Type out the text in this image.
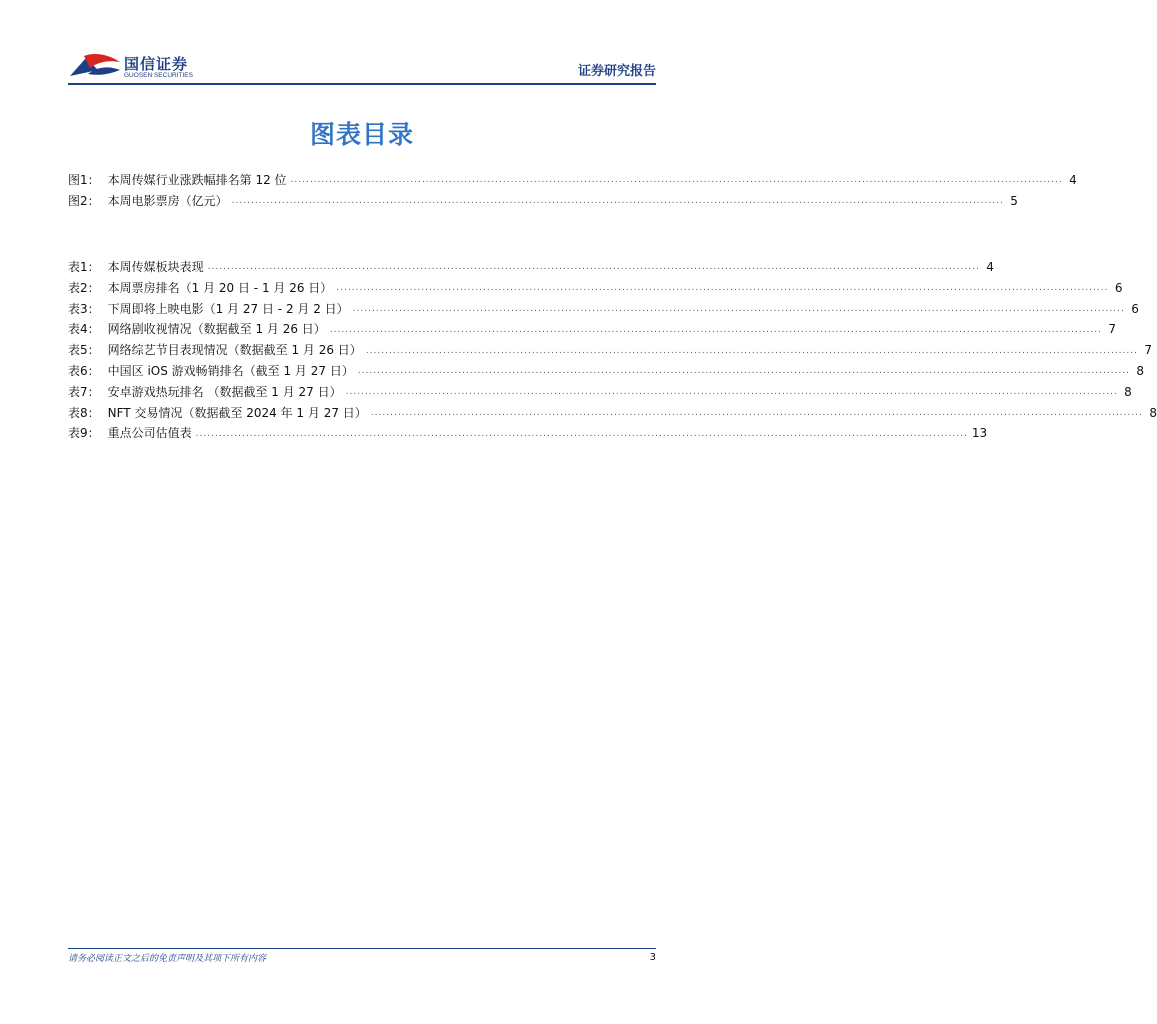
国信证券
GUOSEN SECURITIES	证券研究报告
图表目录
图1： 本周传媒行业涨跌幅排名第 12 位 ........................................................................................................................................................................................................ 4
图2： 本周电影票房（亿元） ........................................................................................................................................................................................................ 5
表1： 本周传媒板块表现 ........................................................................................................................................................................................................ 4
表2： 本周票房排名（1 月 20 日 - 1 月 26 日） ........................................................................................................................................................................................................ 6
表3： 下周即将上映电影（1 月 27 日 - 2 月 2 日） ........................................................................................................................................................................................................ 6
表4： 网络剧收视情况（数据截至 1 月 26 日） ........................................................................................................................................................................................................ 7
表5： 网络综艺节目表现情况（数据截至 1 月 26 日） ........................................................................................................................................................................................................ 7
表6： 中国区 iOS 游戏畅销排名（截至 1 月 27 日） ........................................................................................................................................................................................................ 8
表7： 安卓游戏热玩排名 （数据截至 1 月 27 日） ........................................................................................................................................................................................................ 8
表8： NFT 交易情况（数据截至 2024 年 1 月 27 日） ........................................................................................................................................................................................................ 8
表9： 重点公司估值表 ........................................................................................................................................................................................................ 13
请务必阅读正文之后的免责声明及其项下所有内容	3
